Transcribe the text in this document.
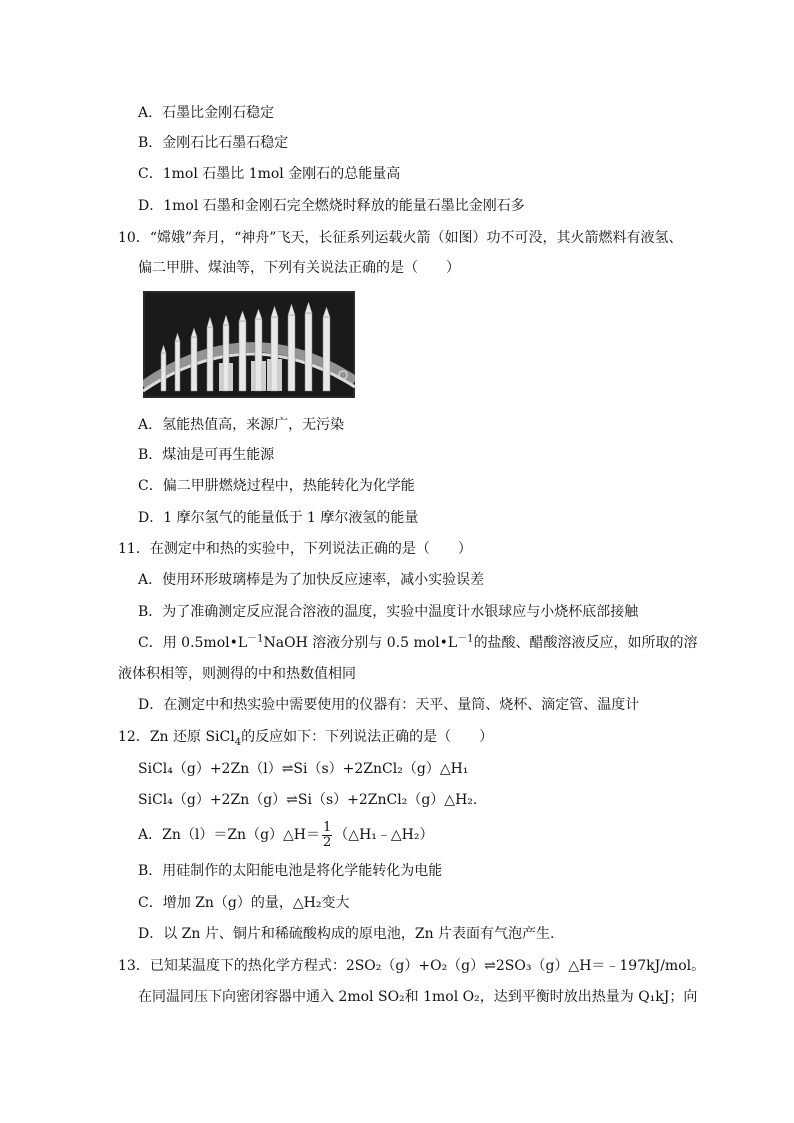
A．石墨比金刚石稳定
B．金刚石比石墨石稳定
C．1mol 石墨比 1mol 金刚石的总能量高
D．1mol 石墨和金刚石完全燃烧时释放的能量石墨比金刚石多
10．“嫦娥”奔月，“神舟”飞天，长征系列运载火箭（如图）功不可没，其火箭燃料有液氢、
偏二甲肼、煤油等，下列有关说法正确的是（　　）
A．氢能热值高，来源广，无污染
B．煤油是可再生能源
C．偏二甲肼燃烧过程中，热能转化为化学能
D．1 摩尔氢气的能量低于 1 摩尔液氢的能量
11．在测定中和热的实验中，下列说法正确的是（　　）
A．使用环形玻璃棒是为了加快反应速率，减小实验误差
B．为了准确测定反应混合溶液的温度，实验中温度计水银球应与小烧杯底部接触
C．用 $0.5mol•L^{-1}NaOH$ 溶液分别与 0.5 $mol•L^{-1}$的盐酸、醋酸溶液反应，如所取的溶
液体积相等，则测得的中和热数值相同
D．在测定中和热实验中需要使用的仪器有：天平、量筒、烧杯、滴定管、温度计
12．Zn 还原 SiCl$_4$的反应如下：下列说法正确的是（　　）
SiCl₄（g）+2Zn（l）⇌Si（s）+2ZnCl₂（g）△H₁
SiCl₄（g）+2Zn（g）⇌Si（s）+2ZnCl₂（g）△H₂.
A．Zn（l）＝Zn（g）△H＝ $\frac{1}{2}$ （△H₁﹣△H₂）
B．用硅制作的太阳能电池是将化学能转化为电能
C．增加 Zn（g）的量，△H₂变大
D．以 Zn 片、铜片和稀硫酸构成的原电池，Zn 片表面有气泡产生.
13．已知某温度下的热化学方程式：2SO₂（g）+O₂（g）⇌2SO₃（g）△H＝﹣197kJ/mol。
在同温同压下向密闭容器中通入 2mol SO₂和 1mol O₂，达到平衡时放出热量为 Q₁kJ；向
